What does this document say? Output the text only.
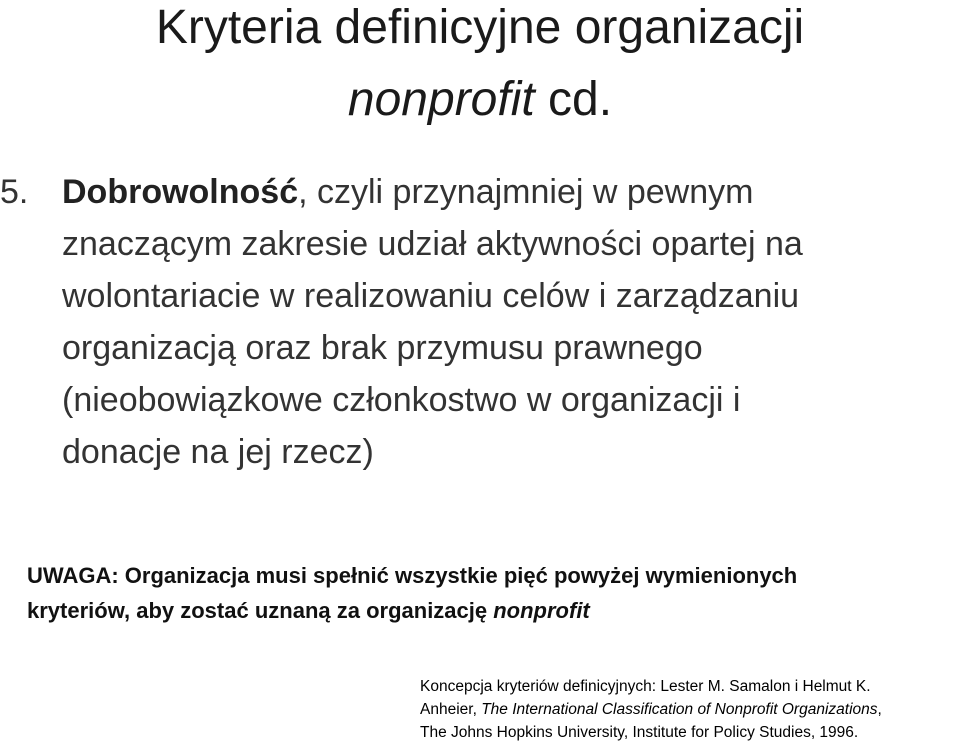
Kryteria definicyjne organizacji
nonprofit cd.
5. Dobrowolność, czyli przynajmniej w pewnym
znaczącym zakresie udział aktywności opartej na
wolontariacie w realizowaniu celów i zarządzaniu
organizacją oraz brak przymusu prawnego
(nieobowiązkowe członkostwo w organizacji i
donacje na jej rzecz)
UWAGA: Organizacja musi spełnić wszystkie pięć powyżej wymienionych
kryteriów, aby zostać uznaną za organizację nonprofit
Koncepcja kryteriów definicyjnych: Lester M. Samalon i Helmut K.
Anheier, The International Classification of Nonprofit Organizations,
The Johns Hopkins University, Institute for Policy Studies, 1996.
